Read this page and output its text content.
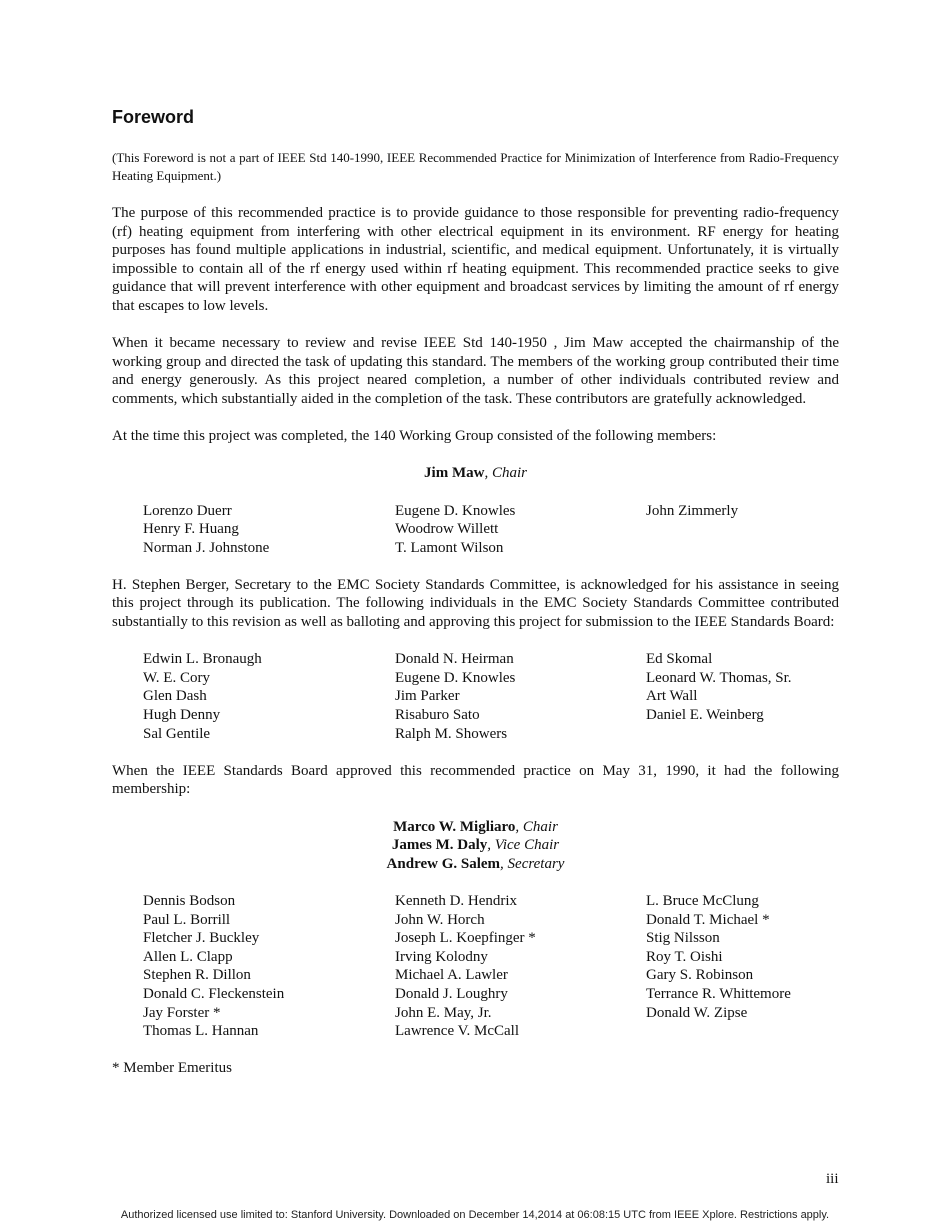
Foreword
(This Foreword is not a part of IEEE Std 140-1990, IEEE Recommended Practice for Minimization of Interference from Radio-Frequency Heating Equipment.)

The purpose of this recommended practice is to provide guidance to those responsible for preventing radio-frequency (rf) heating equipment from interfering with other electrical equipment in its environment. RF energy for heating purposes has found multiple applications in industrial, scientific, and medical equipment. Unfortunately, it is virtually impossible to contain all of the rf energy used within rf heating equipment. This recommended practice seeks to give guidance that will prevent interference with other equipment and broadcast services by limiting the amount of rf energy that escapes to low levels.

When it became necessary to review and revise IEEE Std 140-1950 , Jim Maw accepted the chairmanship of the working group and directed the task of updating this standard. The members of the working group contributed their time and energy generously. As this project neared completion, a number of other individuals contributed review and comments, which substantially aided in the completion of the task. These contributors are gratefully acknowledged.

At the time this project was completed, the 140 Working Group consisted of the following members:

Jim Maw, Chair
Lorenzo Duerr
Henry F. Huang
Norman J. Johnstone
Eugene D. Knowles
Woodrow Willett
T. Lamont Wilson
John Zimmerly

H. Stephen Berger, Secretary to the EMC Society Standards Committee, is acknowledged for his assistance in seeing this project through its publication. The following individuals in the EMC Society Standards Committee contributed substantially to this revision as well as balloting and approving this project for submission to the IEEE Standards Board:

Edwin L. Bronaugh
W. E. Cory
Glen Dash
Hugh Denny
Sal Gentile
Donald N. Heirman
Eugene D. Knowles
Jim Parker
Risaburo Sato
Ralph M. Showers
Ed Skomal
Leonard W. Thomas, Sr.
Art Wall
Daniel E. Weinberg

When the IEEE Standards Board approved this recommended practice on May 31, 1990, it had the following membership:

Marco W. Migliaro, Chair
James M. Daly, Vice Chair
Andrew G. Salem, Secretary
Dennis Bodson
Paul L. Borrill
Fletcher J. Buckley
Allen L. Clapp
Stephen R. Dillon
Donald C. Fleckenstein
Jay Forster *
Thomas L. Hannan
Kenneth D. Hendrix
John W. Horch
Joseph L. Koepfinger *
Irving Kolodny
Michael A. Lawler
Donald J. Loughry
John E. May, Jr.
Lawrence V. McCall
L. Bruce McClung
Donald T. Michael *
Stig Nilsson
Roy T. Oishi
Gary S. Robinson
Terrance R. Whittemore
Donald W. Zipse
* Member Emeritus
iii
Authorized licensed use limited to: Stanford University. Downloaded on December 14,2014 at 06:08:15 UTC from IEEE Xplore. Restrictions apply.
